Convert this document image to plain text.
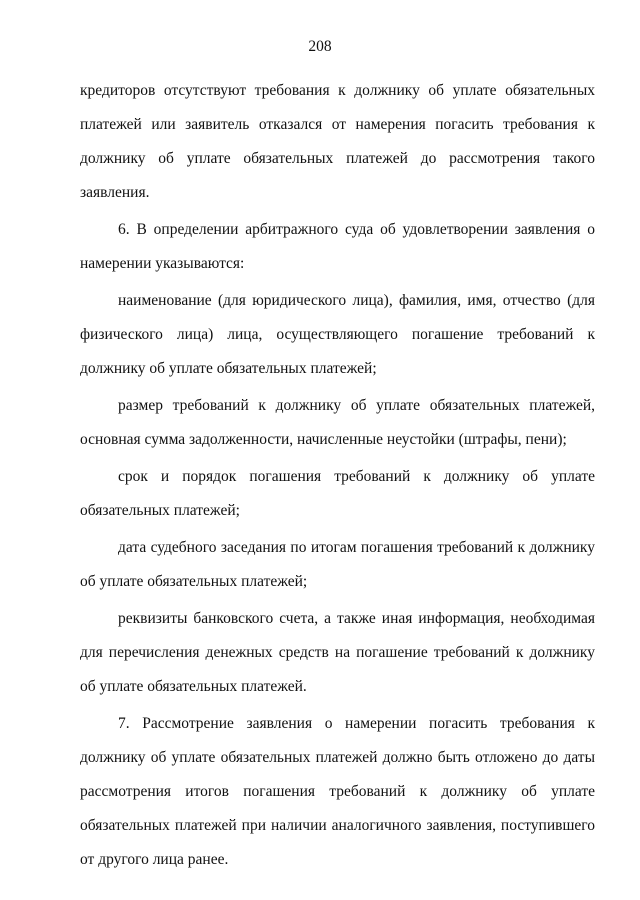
208

кредиторов отсутствуют требования к должнику об уплате обязательных платежей или заявитель отказался от намерения погасить требования к должнику об уплате обязательных платежей до рассмотрения такого заявления.

6. В определении арбитражного суда об удовлетворении заявления о намерении указываются:

наименование (для юридического лица), фамилия, имя, отчество (для физического лица) лица, осуществляющего погашение требований к должнику об уплате обязательных платежей;

размер требований к должнику об уплате обязательных платежей, основная сумма задолженности, начисленные неустойки (штрафы, пени);

срок и порядок погашения требований к должнику об уплате обязательных платежей;

дата судебного заседания по итогам погашения требований к должнику об уплате обязательных платежей;

реквизиты банковского счета, а также иная информация, необходимая для перечисления денежных средств на погашение требований к должнику об уплате обязательных платежей.

7. Рассмотрение заявления о намерении погасить требования к должнику об уплате обязательных платежей должно быть отложено до даты рассмотрения итогов погашения требований к должнику об уплате обязательных платежей при наличии аналогичного заявления, поступившего от другого лица ранее.
